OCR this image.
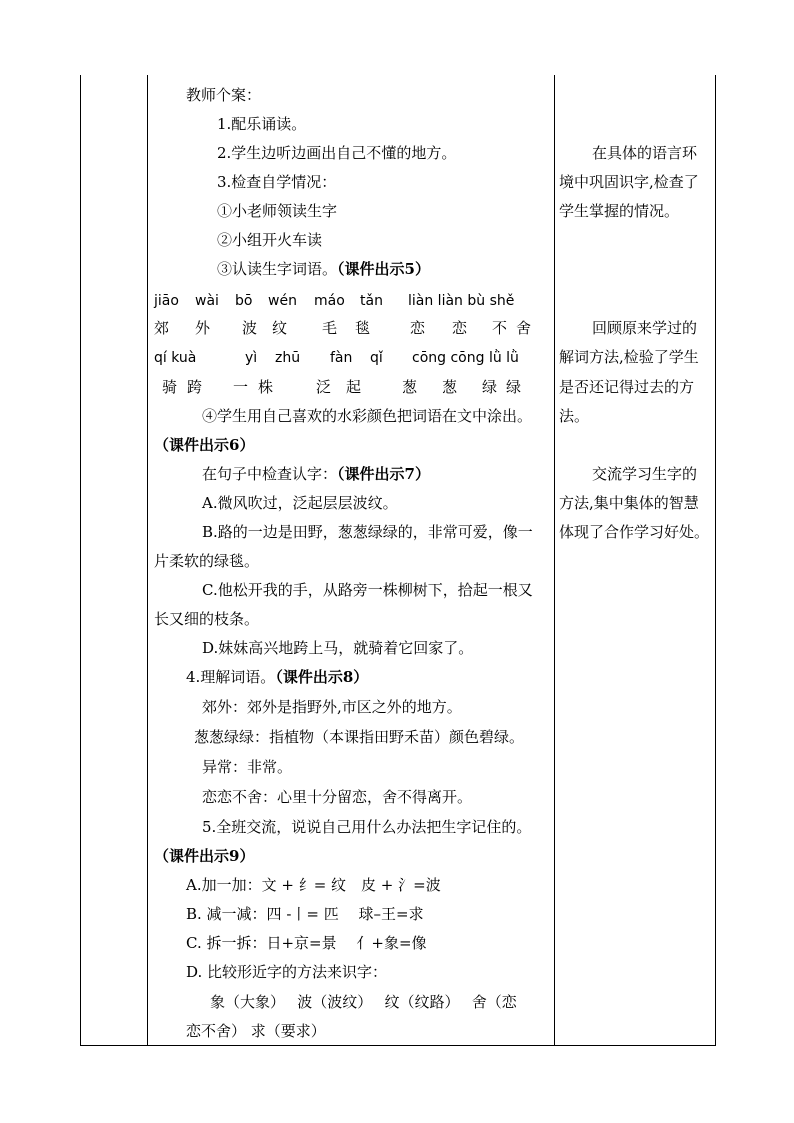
教师个案：
1.配乐诵读。
2.学生边听边画出自己不懂的地方。
3.检查自学情况：
①小老师领读生字
②小组开火车读
③认读生字词语。（课件出示5）
jiāo wài bō wén máo tǎn liàn liàn bù shě
郊 外 波 纹 毛 毯	恋 恋 不 舍
qí kuà	yì zhū fàn qǐ cōng cōng lǜ lǜ
骑 跨 一 株	泛 起	葱 葱 绿 绿
④学生用自己喜欢的水彩颜色把词语在文中涂出。
（课件出示6）
在句子中检查认字：（课件出示7）
A.微风吹过，泛起层层波纹。
B.路的一边是田野，葱葱绿绿的，非常可爱，像一
片柔软的绿毯。
C.他松开我的手，从路旁一株柳树下，拾起一根又
长又细的枝条。
D.妹妹高兴地跨上马，就骑着它回家了。
4.理解词语。（课件出示8）
郊外：郊外是指野外,市区之外的地方。
葱葱绿绿：指植物（本课指田野禾苗）颜色碧绿。
异常：非常。
恋恋不舍：心里十分留恋，舍不得离开。
5.全班交流，说说自己用什么办法把生字记住的。
（课件出示9）
A.加一加：文 + 纟= 纹　皮 + 氵=波
B. 减一减：四 -丨= 匹　 球–王=求
C. 拆一拆：日+京=景　 亻+象=像
D. 比较形近字的方法来识字：
象（大象）　 波（波纹）　 纹（纹路）　 舍（恋
恋不舍） 求（要求）
在具体的语言环
境中巩固识字,检查了
学生掌握的情况。
回顾原来学过的
解词方法,检验了学生
是否还记得过去的方
法。
交流学习生字的
方法,集中集体的智慧
体现了合作学习好处。
